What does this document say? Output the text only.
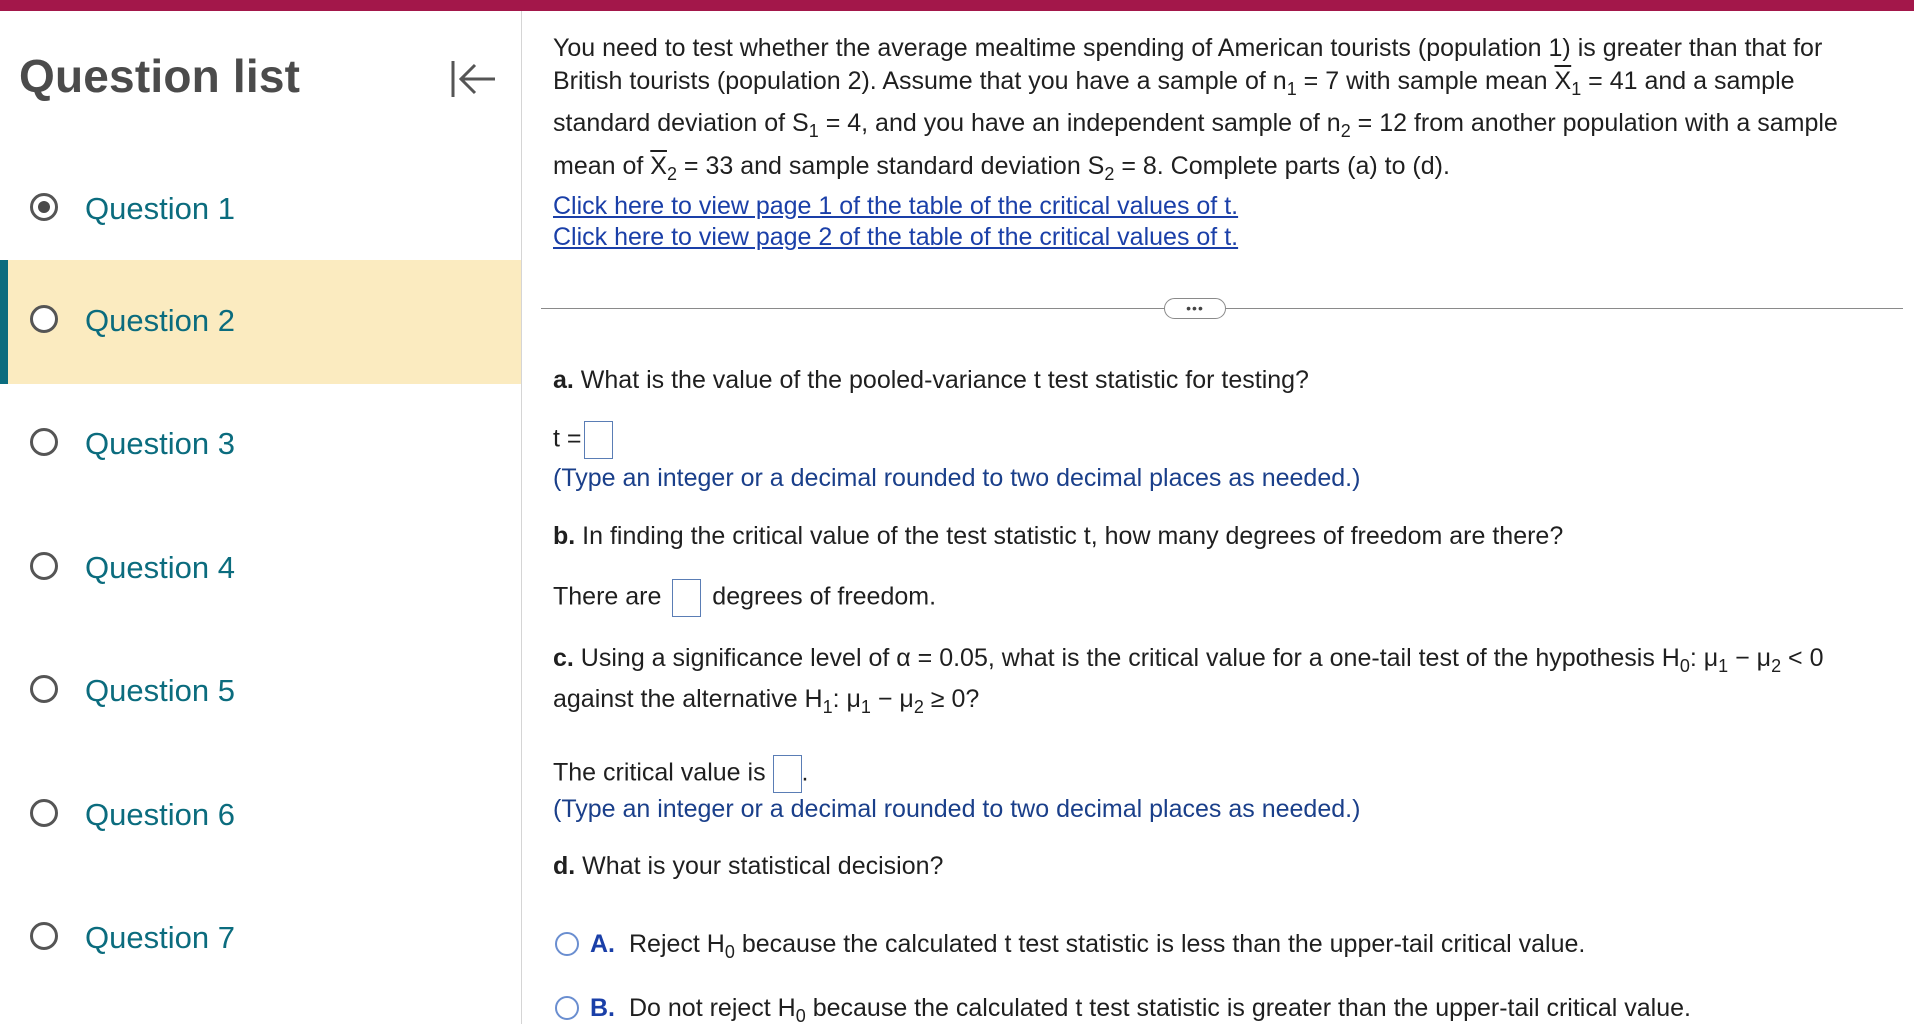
Question list
Question 1
Question 2
Question 3
Question 4
Question 5
Question 6
Question 7
You need to test whether the average mealtime spending of American tourists (population 1) is greater than that for
British tourists (population 2). Assume that you have a sample of $n_1 = 7$ with sample mean $\overline{X}_1 = 41$ and a sample
standard deviation of $S_1 = 4$, and you have an independent sample of $n_2 = 12$ from another population with a sample
mean of $\overline{X}_2 = 33$ and sample standard deviation $S_2 = 8$. Complete parts (a) to (d).
Click here to view page 1 of the table of the critical values of t.
Click here to view page 2 of the table of the critical values of t.
•••
a. What is the value of the pooled-variance t test statistic for testing?
t =
(Type an integer or a decimal rounded to two decimal places as needed.)
b. In finding the critical value of the test statistic t, how many degrees of freedom are there?
There are degrees of freedom.
c. Using a significance level of α = 0.05, what is the critical value for a one-tail test of the hypothesis $H_0$: $\mu_1 - \mu_2 < 0$
against the alternative $H_1$: $\mu_1 - \mu_2 \ge 0$?
The critical value is .
(Type an integer or a decimal rounded to two decimal places as needed.)
d. What is your statistical decision?
A. Reject $H_0$ because the calculated t test statistic is less than the upper-tail critical value.
B. Do not reject $H_0$ because the calculated t test statistic is greater than the upper-tail critical value.
